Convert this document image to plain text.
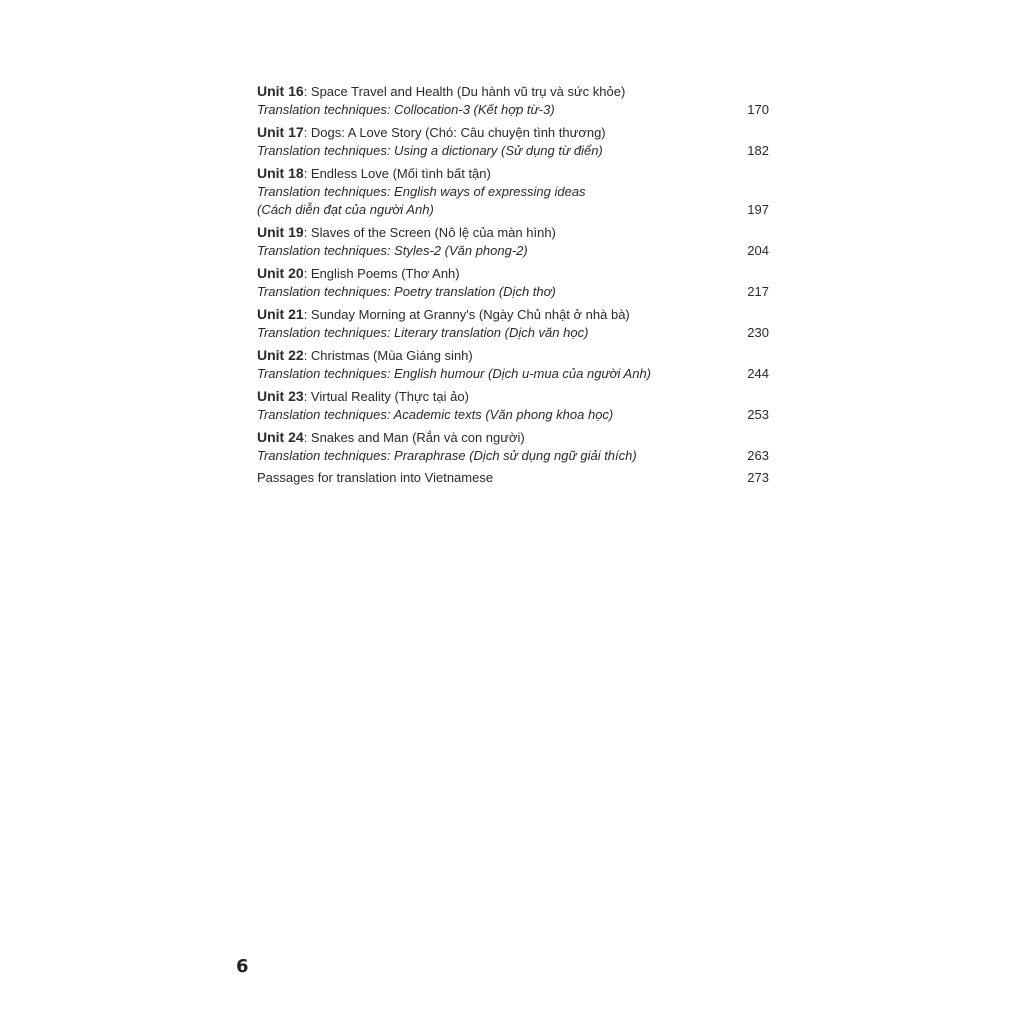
Unit 16: Space Travel and Health (Du hành vũ trụ và sức khỏe)
Translation techniques: Collocation-3 (Kết hợp từ-3)	170
Unit 17: Dogs: A Love Story (Chó: Câu chuyện tình thương)
Translation techniques: Using a dictionary (Sử dụng từ điển)	182
Unit 18: Endless Love (Mối tình bất tận)
Translation techniques: English ways of expressing ideas
(Cách diễn đạt của người Anh)	197
Unit 19: Slaves of the Screen (Nô lệ của màn hình)
Translation techniques: Styles-2 (Văn phong-2)	204
Unit 20: English Poems (Thơ Anh)
Translation techniques: Poetry translation (Dịch thơ)	217
Unit 21: Sunday Morning at Granny's (Ngày Chủ nhật ở nhà bà)
Translation techniques: Literary translation (Dịch văn học)	230
Unit 22: Christmas (Mùa Giáng sinh)
Translation techniques: English humour (Dịch u-mua của người Anh)	244
Unit 23: Virtual Reality (Thực tại ảo)
Translation techniques: Academic texts (Văn phong khoa học)	253
Unit 24: Snakes and Man (Rắn và con người)
Translation techniques: Praraphrase (Dịch sử dụng ngữ giải thích)	263
Passages for translation into Vietnamese	273
6
